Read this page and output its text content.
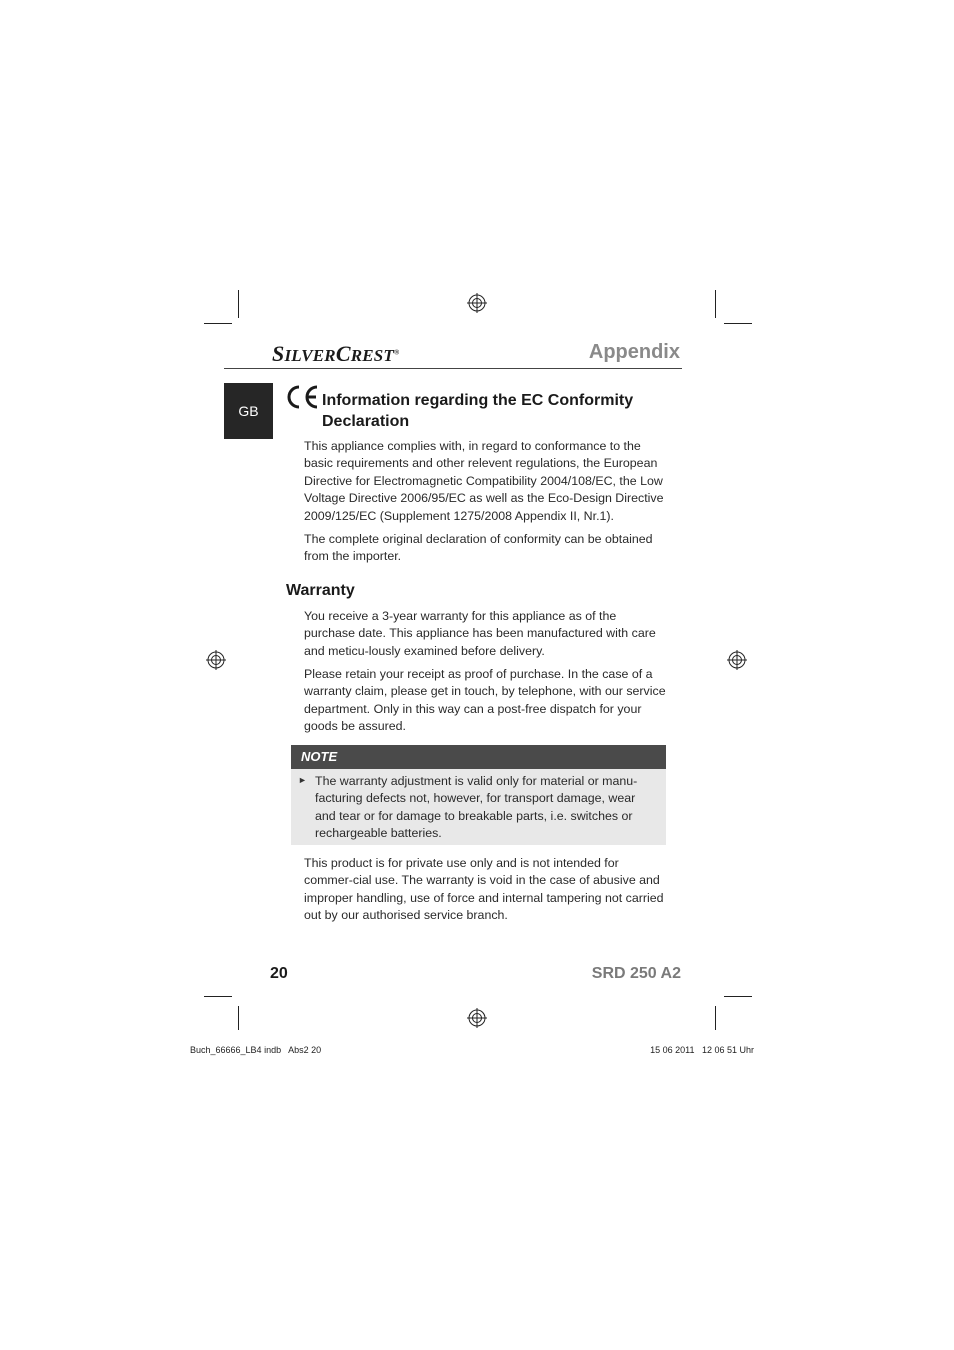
SILVERCREST®	Appendix
GB
Information regarding the EC Conformity
Declaration

This appliance complies with, in regard to conformance to the basic requirements and other relevent regulations, the European Directive for Electromagnetic Compatibility 2004/108/EC, the Low Voltage Directive 2006/95/EC as well as the Eco-Design Directive 2009/125/EC (Supplement 1275/2008 Appendix II, Nr.1).

The complete original declaration of conformity can be obtained from the importer.

Warranty

You receive a 3-year warranty for this appliance as of the purchase date. This appliance has been manufactured with care and meticu-lously examined before delivery.

Please retain your receipt as proof of purchase. In the case of a warranty claim, please get in touch, by telephone, with our service department. Only in this way can a post-free dispatch for your goods be assured.

NOTE
► The warranty adjustment is valid only for material or manu-facturing defects not, however, for transport damage, wear and tear or for damage to breakable parts, i.e. switches or rechargeable batteries.

This product is for private use only and is not intended for commer-cial use. The warranty is void in the case of abusive and improper handling, use of force and internal tampering not carried out by our authorised service branch.

20	SRD 250 A2
Buch_66666_LB4 indb   Abs2 20	15 06 2011   12 06 51 Uhr
